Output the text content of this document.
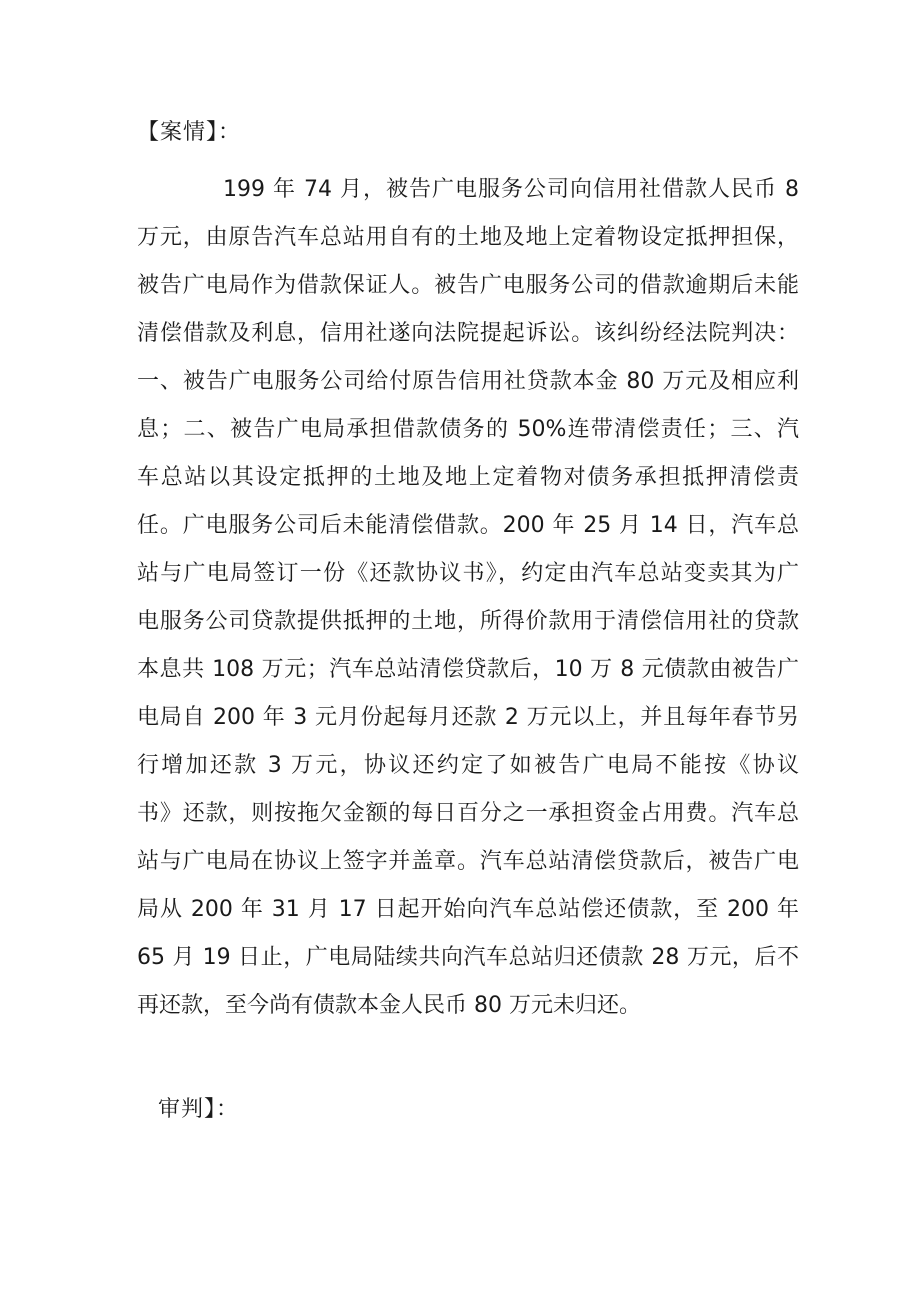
【案情】：
199 年 74 月，被告广电服务公司向信用社借款人民币 8
万元，由原告汽车总站用自有的土地及地上定着物设定抵押担保，
被告广电局作为借款保证人。被告广电服务公司的借款逾期后未能
清偿借款及利息，信用社遂向法院提起诉讼。该纠纷经法院判决：
一、被告广电服务公司给付原告信用社贷款本金 80 万元及相应利
息；二、被告广电局承担借款债务的 50%连带清偿责任；三、汽
车总站以其设定抵押的土地及地上定着物对债务承担抵押清偿责
任。广电服务公司后未能清偿借款。200 年 25 月 14 日，汽车总
站与广电局签订一份《还款协议书》，约定由汽车总站变卖其为广
电服务公司贷款提供抵押的土地，所得价款用于清偿信用社的贷款
本息共 108 万元；汽车总站清偿贷款后，10 万 8 元债款由被告广
电局自 200 年 3 元月份起每月还款 2 万元以上，并且每年春节另
行增加还款 3 万元，协议还约定了如被告广电局不能按《协议
书》还款，则按拖欠金额的每日百分之一承担资金占用费。汽车总
站与广电局在协议上签字并盖章。汽车总站清偿贷款后，被告广电
局从 200 年 31 月 17 日起开始向汽车总站偿还债款，至 200 年
65 月 19 日止，广电局陆续共向汽车总站归还债款 28 万元，后不
再还款，至今尚有债款本金人民币 80 万元未归还。
审判】：
